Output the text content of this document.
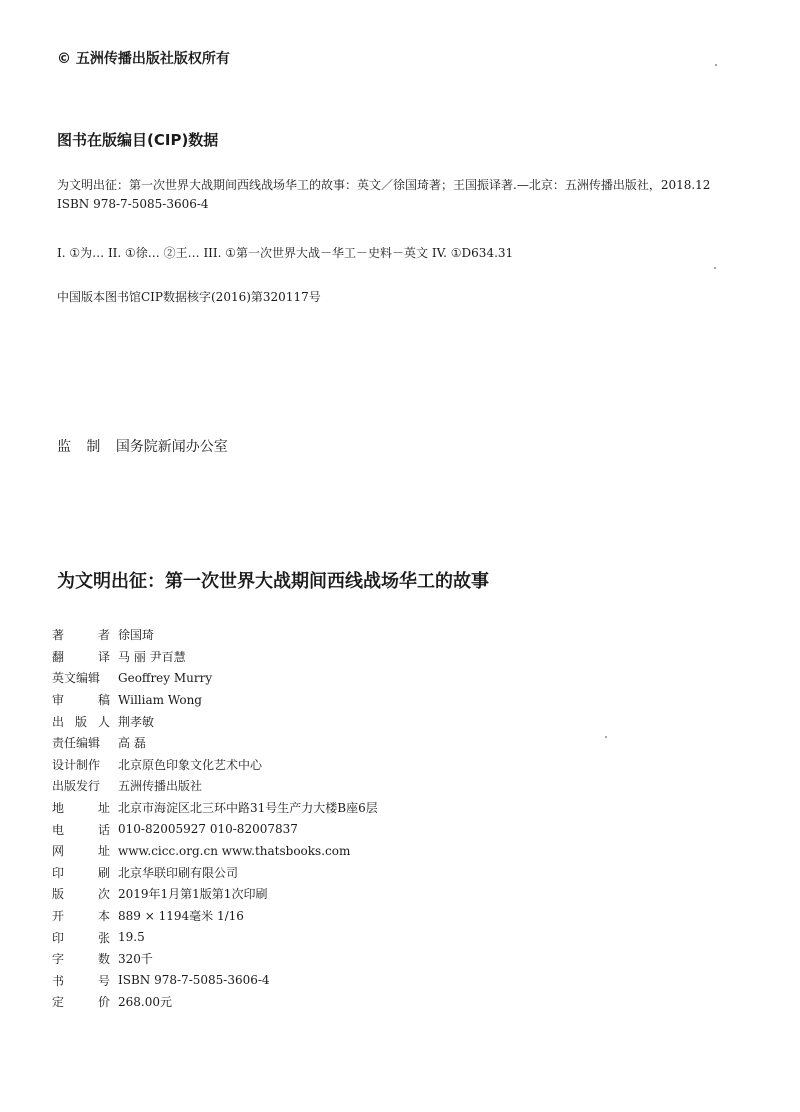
© 五洲传播出版社版权所有
图书在版编目(CIP)数据
为文明出征：第一次世界大战期间西线战场华工的故事：英文／徐国琦著；王国振译著.—北京：五洲传播出版社，2018.12
ISBN 978-7-5085-3606-4
I. ①为… II. ①徐… ②王… III. ①第一次世界大战－华工－史料－英文 IV. ①D634.31
中国版本图书馆CIP数据核字(2016)第320117号
监制国务院新闻办公室
为文明出征：第一次世界大战期间西线战场华工的故事
著	者 徐国琦
翻	译 马 丽 尹百慧
英文编辑 Geoffrey Murry
审	稿 William Wong
出 版 人 荆孝敏
责任编辑 高 磊
设计制作 北京原色印象文化艺术中心
出版发行 五洲传播出版社
地	址 北京市海淀区北三环中路31号生产力大楼B座6层
电	话 010-82005927 010-82007837
网	址 www.cicc.org.cn www.thatsbooks.com
印	刷 北京华联印刷有限公司
版	次 2019年1月第1版第1次印刷
开	本 889 × 1194毫米 1/16
印	张 19.5
字	数 320千
书	号 ISBN 978-7-5085-3606-4
定	价 268.00元
